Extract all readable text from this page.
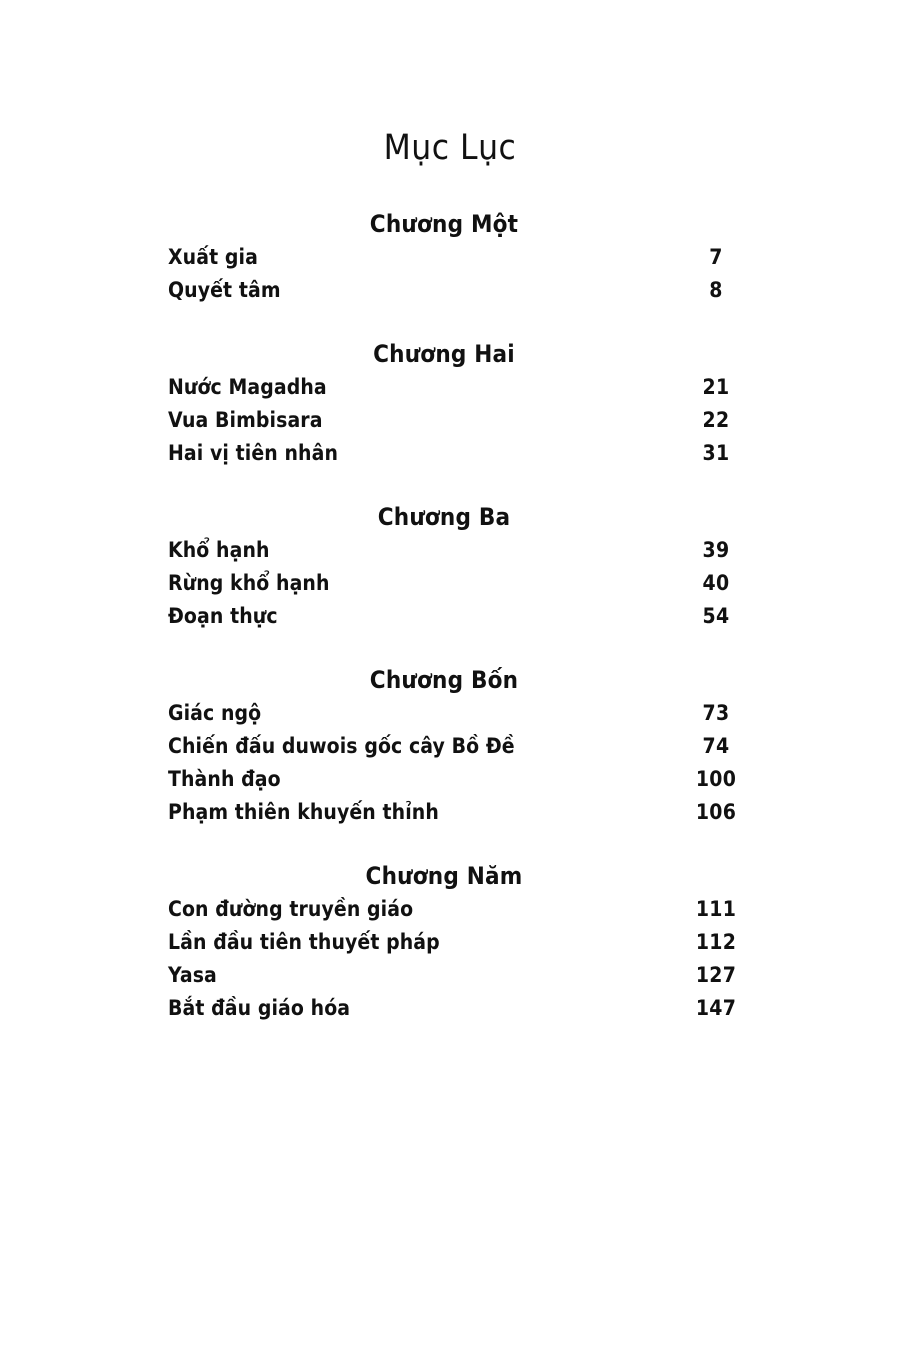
Mục Lục
Chương Một
Xuất gia	7
Quyết tâm	8
Chương Hai
Nước Magadha	21
Vua Bimbisara	22
Hai vị tiên nhân	31
Chương Ba
Khổ hạnh	39
Rừng khổ hạnh	40
Đoạn thực	54
Chương Bốn
Giác ngộ	73
Chiến đấu duwois gốc cây Bồ Đề	74
Thành đạo	100
Phạm thiên khuyến thỉnh	106
Chương Năm
Con đường truyền giáo	111
Lần đầu tiên thuyết pháp	112
Yasa	127
Bắt đầu giáo hóa	147
